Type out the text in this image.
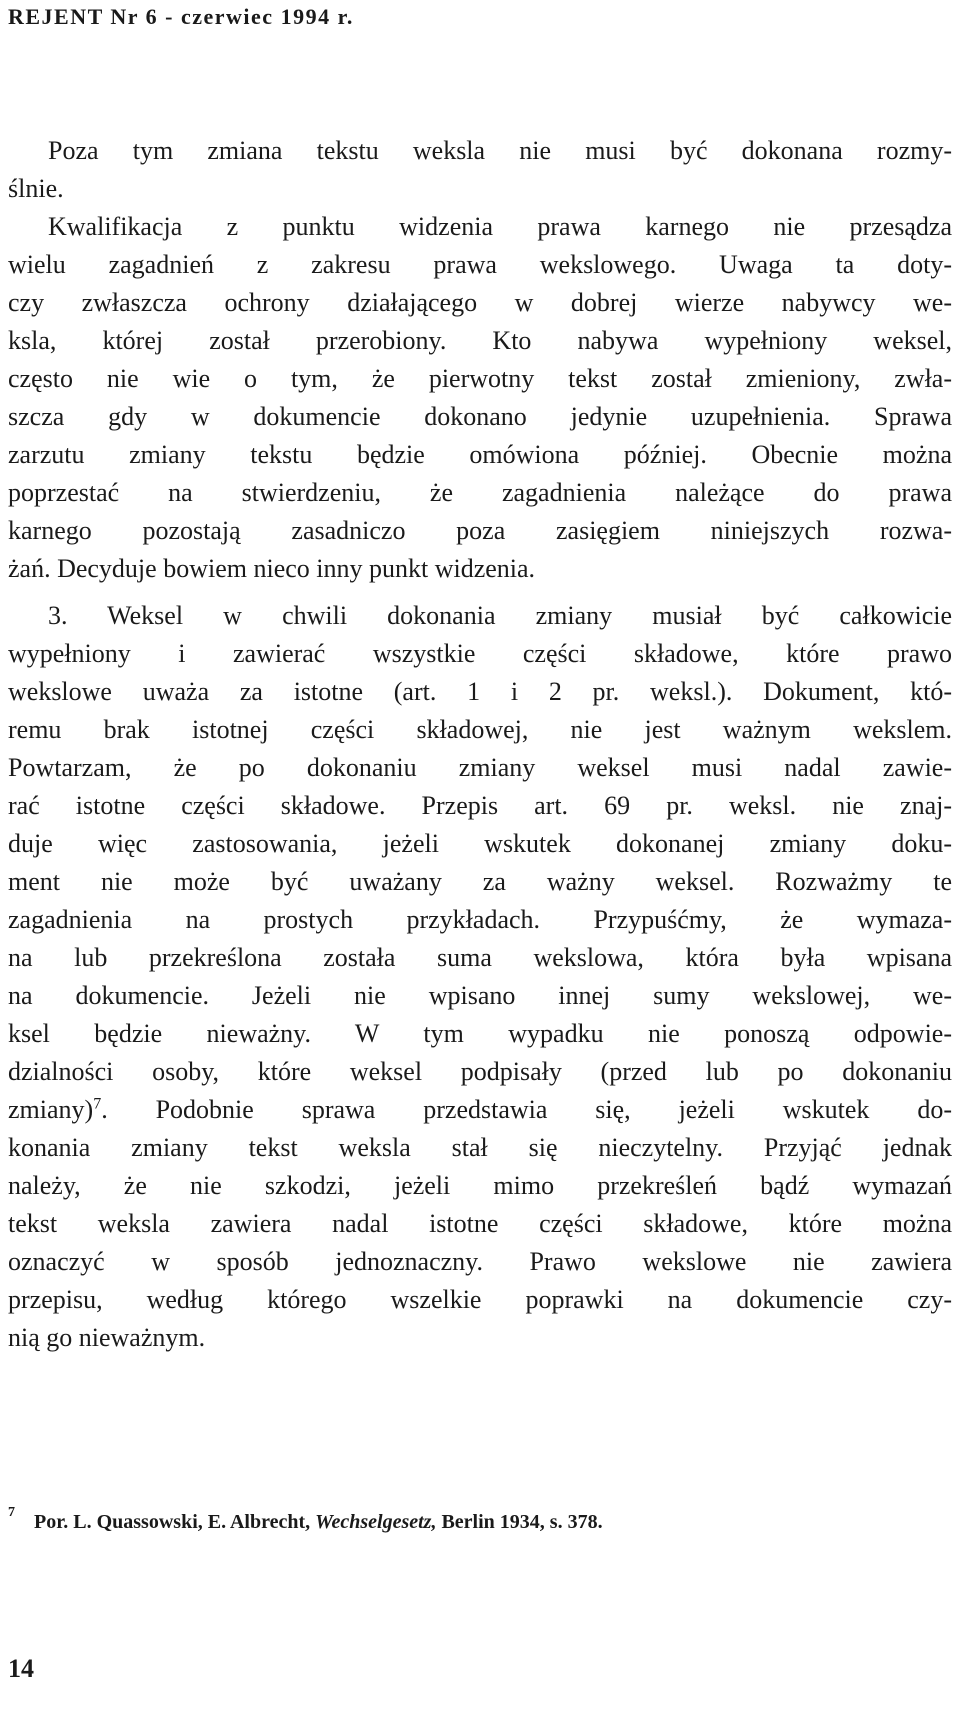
REJENT Nr 6 - czerwiec 1994 r.
Poza tym zmiana tekstu weksla nie musi być dokonana rozmy-
ślnie.
Kwalifikacja z punktu widzenia prawa karnego nie przesądza
wielu zagadnień z zakresu prawa wekslowego. Uwaga ta doty-
czy zwłaszcza ochrony działającego w dobrej wierze nabywcy we-
ksla, której został przerobiony. Kto nabywa wypełniony weksel,
często nie wie o tym, że pierwotny tekst został zmieniony, zwła-
szcza gdy w dokumencie dokonano jedynie uzupełnienia. Sprawa
zarzutu zmiany tekstu będzie omówiona później. Obecnie można
poprzestać na stwierdzeniu, że zagadnienia należące do prawa
karnego pozostają zasadniczo poza zasięgiem niniejszych rozwa-
żań. Decyduje bowiem nieco inny punkt widzenia.
3. Weksel w chwili dokonania zmiany musiał być całkowicie
wypełniony i zawierać wszystkie części składowe, które prawo
wekslowe uważa za istotne (art. 1 i 2 pr. weksl.). Dokument, któ-
remu brak istotnej części składowej, nie jest ważnym wekslem.
Powtarzam, że po dokonaniu zmiany weksel musi nadal zawie-
rać istotne części składowe. Przepis art. 69 pr. weksl. nie znaj-
duje więc zastosowania, jeżeli wskutek dokonanej zmiany doku-
ment nie może być uważany za ważny weksel. Rozważmy te
zagadnienia na prostych przykładach. Przypuśćmy, że wymaza-
na lub przekreślona została suma wekslowa, która była wpisana
na dokumencie. Jeżeli nie wpisano innej sumy wekslowej, we-
ksel będzie nieważny. W tym wypadku nie ponoszą odpowie-
dzialności osoby, które weksel podpisały (przed lub po dokonaniu
zmiany)$^7$. Podobnie sprawa przedstawia się, jeżeli wskutek do-
konania zmiany tekst weksla stał się nieczytelny. Przyjąć jednak
należy, że nie szkodzi, jeżeli mimo przekreśleń bądź wymazań
tekst weksla zawiera nadal istotne części składowe, które można
oznaczyć w sposób jednoznaczny. Prawo wekslowe nie zawiera
przepisu, według którego wszelkie poprawki na dokumencie czy-
nią go nieważnym.
$^7$ Por. L. Quassowski, E. Albrecht, Wechselgesetz, Berlin 1934, s. 378.
14
